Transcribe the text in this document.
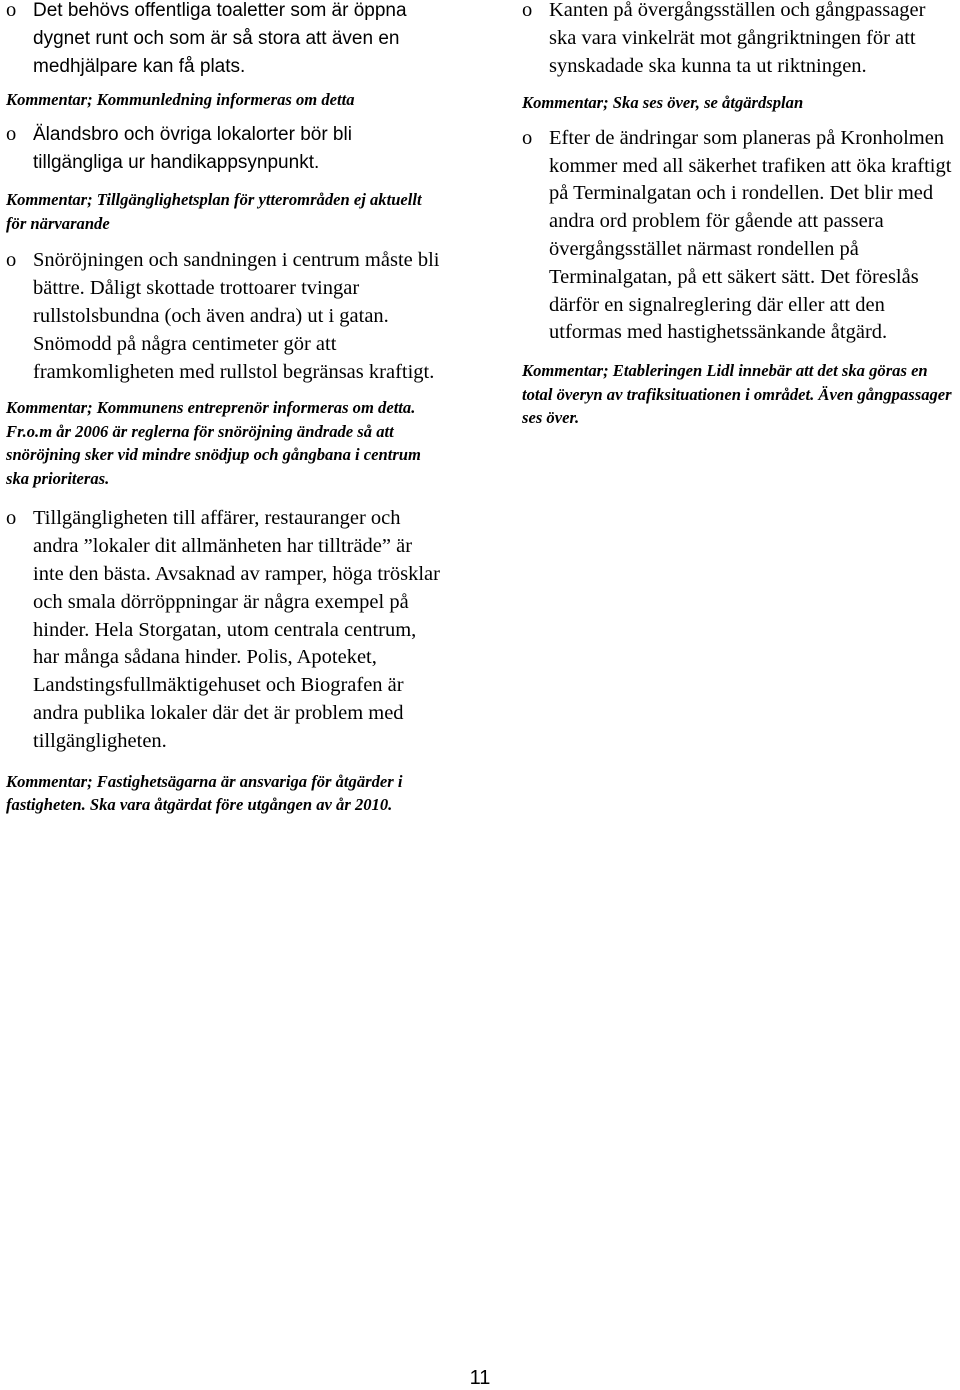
o Det behövs offentliga toaletter som är öppna dygnet runt och som är så stora att även en medhjälpare kan få plats.
Kommentar; Kommunledning informeras om detta
o Älandsbro och övriga lokalorter bör bli tillgängliga ur handikappsynpunkt.
Kommentar; Tillgänglighetsplan för ytterområden ej aktuellt för närvarande
o Snöröjningen och sandningen i centrum måste bli bättre. Dåligt skottade trottoarer tvingar rullstolsbundna (och även andra) ut i gatan. Snömodd på några centimeter gör att framkomligheten med rullstol begränsas kraftigt.
Kommentar; Kommunens entreprenör informeras om detta. Fr.o.m år 2006 är reglerna för snöröjning ändrade så att snöröjning sker vid mindre snödjup och gångbana i centrum ska prioriteras.
o Tillgängligheten till affärer, restauranger och andra ”lokaler dit allmänheten har tillträde” är inte den bästa. Avsaknad av ramper, höga trösklar och smala dörröppningar är några exempel på hinder. Hela Storgatan, utom centrala centrum, har många sådana hinder. Polis, Apoteket, Landstingsfullmäktigehuset och Biografen är andra publika lokaler där det är problem med tillgängligheten.
Kommentar; Fastighetsägarna är ansvariga för åtgärder i fastigheten. Ska vara åtgärdat före utgången av år 2010.
o Kanten på övergångsställen och gångpassager ska vara vinkelrät mot gångriktningen för att synskadade ska kunna ta ut riktningen.
Kommentar; Ska ses över, se åtgärdsplan
o Efter de ändringar som planeras på Kronholmen kommer med all säkerhet trafiken att öka kraftigt på Terminalgatan och i rondellen. Det blir med andra ord problem för gående att passera övergångsstället närmast rondellen på Terminalgatan, på ett säkert sätt. Det föreslås därför en signalreglering där eller att den utformas med hastighetssänkande åtgärd.
Kommentar; Etableringen Lidl innebär att det ska göras en total överyn av trafiksituationen i området. Även gångpassager ses över.
11
